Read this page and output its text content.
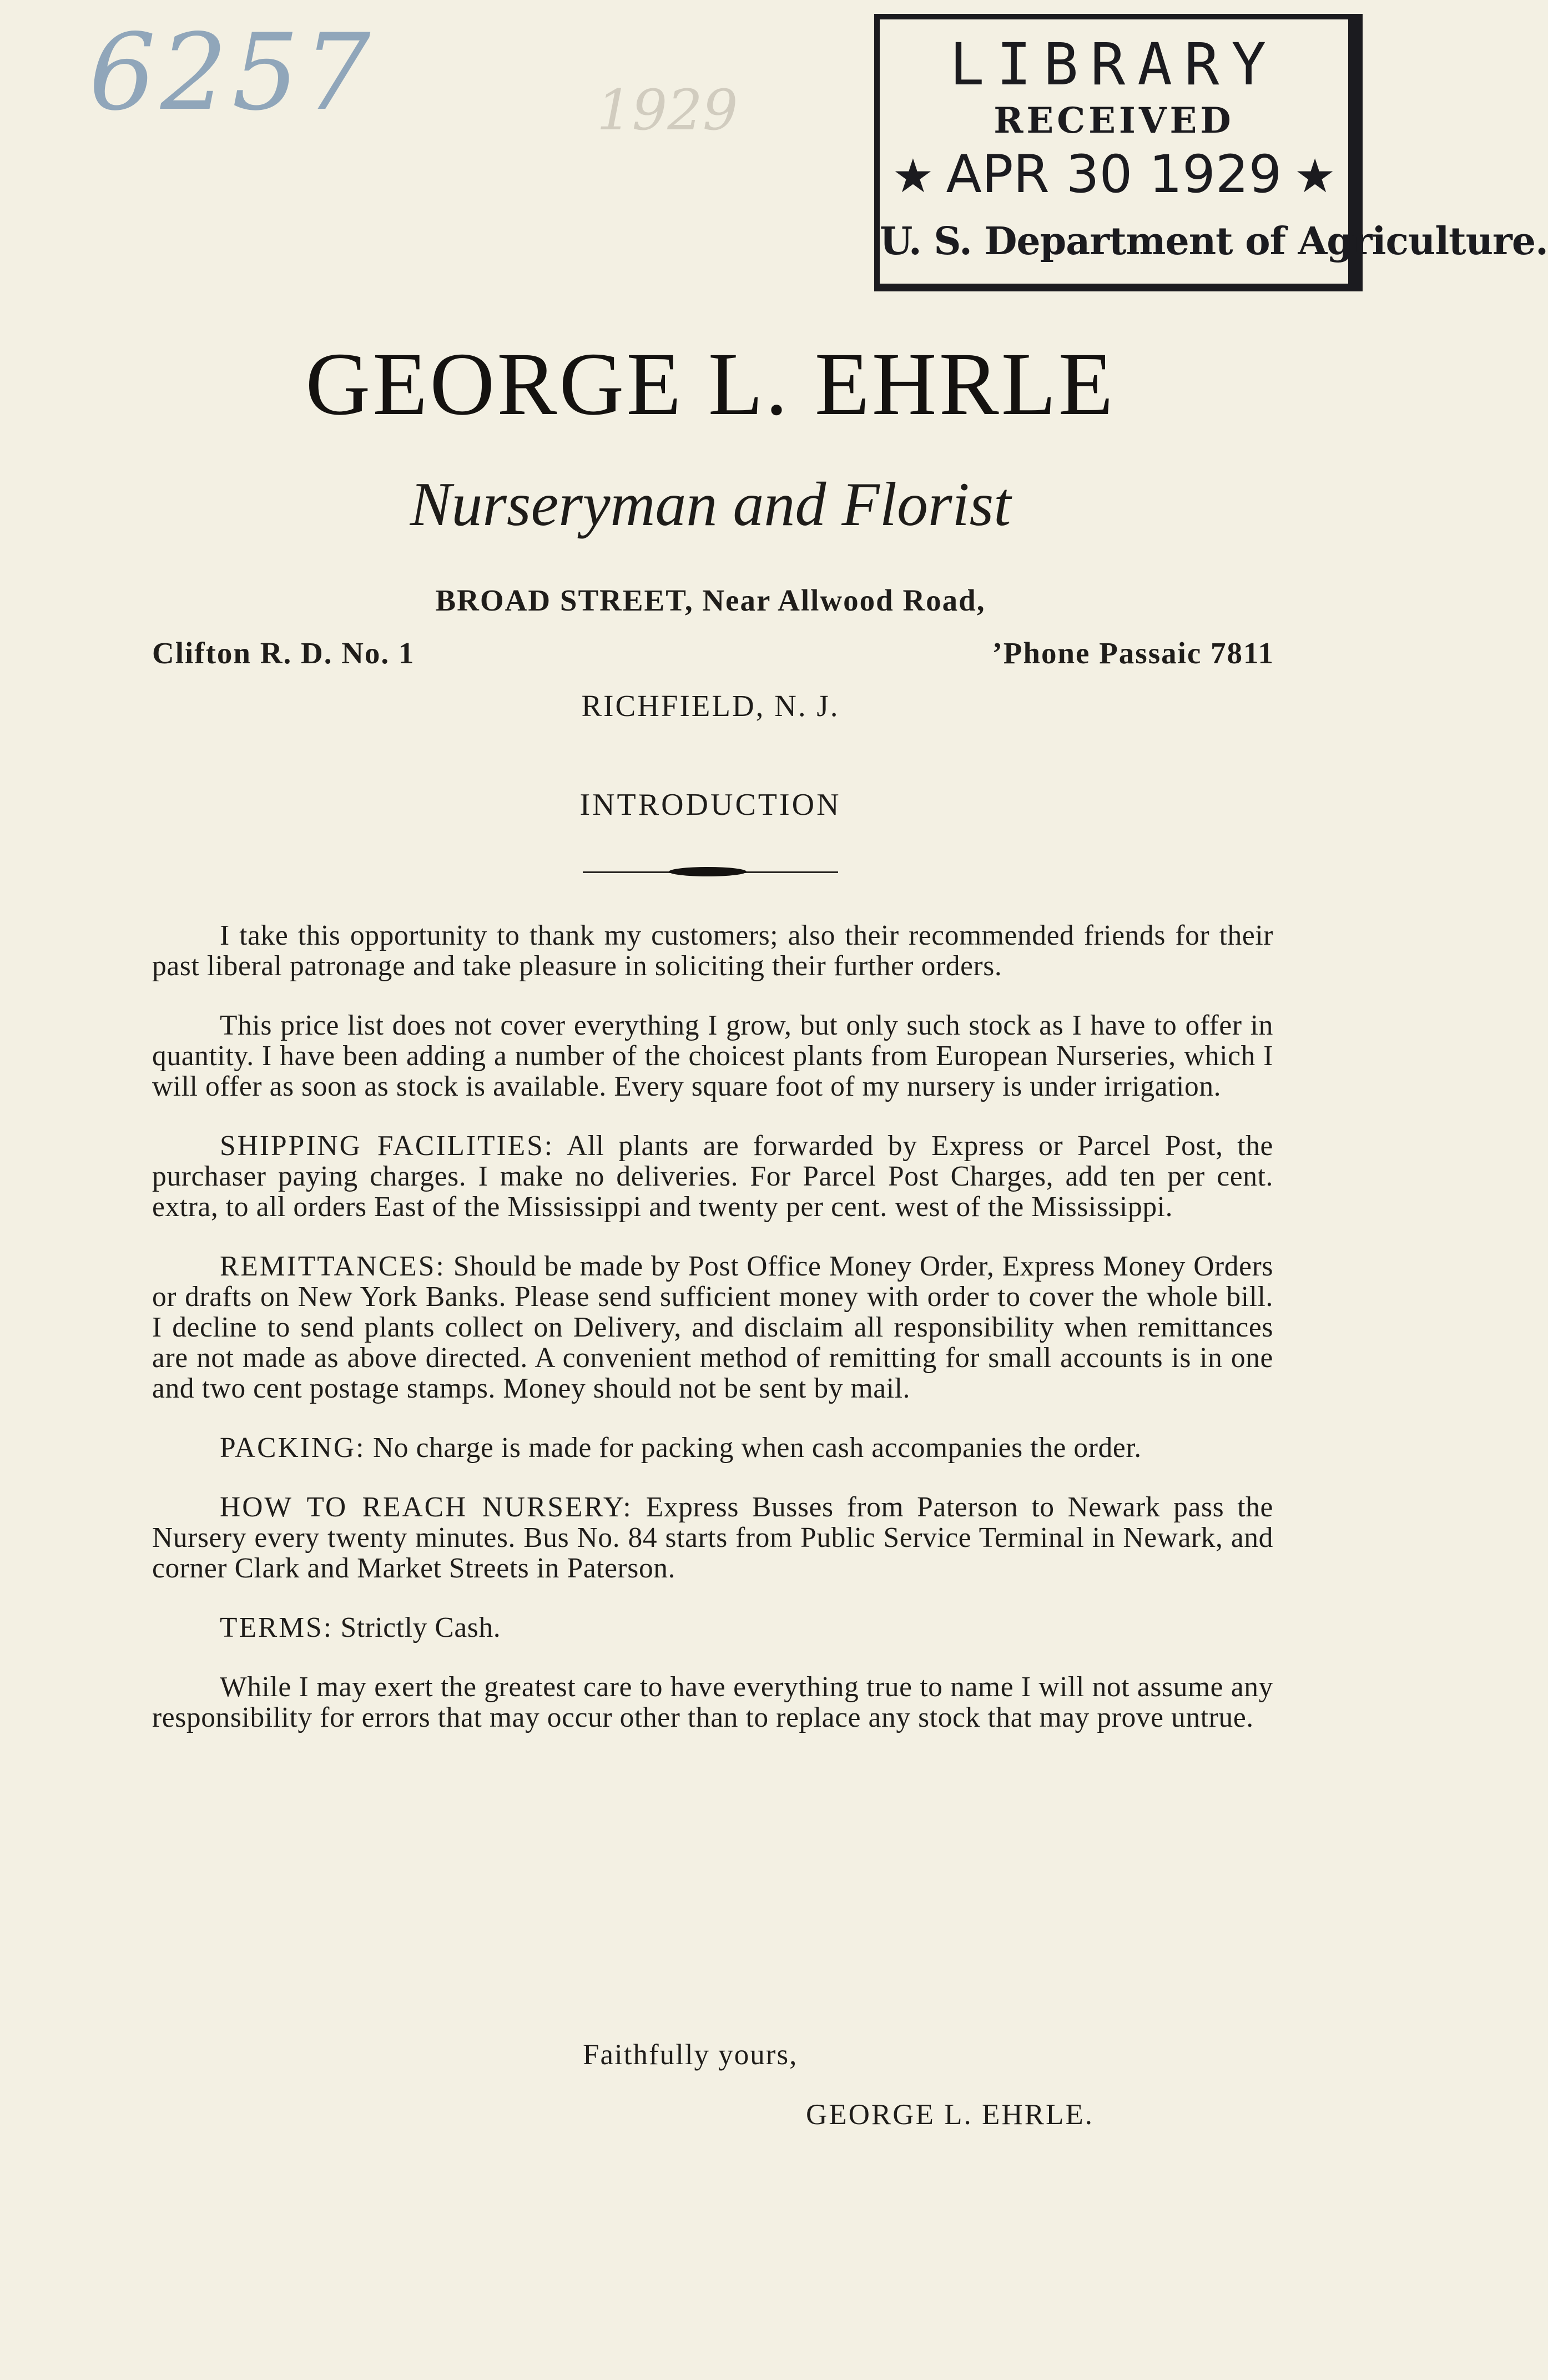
6257	1929
LIBRARY
RECEIVED
★ APR 30 1929 ★
U. S. Department of Agriculture.
GEORGE L. EHRLE
Nurseryman and Florist
BROAD STREET, Near Allwood Road,
Clifton R. D. No. 1	’Phone Passaic 7811
RICHFIELD, N. J.
INTRODUCTION

I take this opportunity to thank my customers; also their recommended friends for their past liberal patronage and take pleasure in soliciting their further orders.

This price list does not cover everything I grow, but only such stock as I have to offer in quantity. I have been adding a number of the choicest plants from European Nurseries, which I will offer as soon as stock is available. Every square foot of my nursery is under irrigation.

SHIPPING FACILITIES: All plants are forwarded by Express or Parcel Post, the purchaser paying charges. I make no deliveries. For Parcel Post Charges, add ten per cent. extra, to all orders East of the Mississippi and twenty per cent. west of the Mississippi.

REMITTANCES: Should be made by Post Office Money Order, Express Money Orders or drafts on New York Banks. Please send sufficient money with order to cover the whole bill. I decline to send plants collect on Delivery, and disclaim all responsibility when remittances are not made as above directed. A convenient method of remitting for small accounts is in one and two cent postage stamps. Money should not be sent by mail.

PACKING: No charge is made for packing when cash accompanies the order.

HOW TO REACH NURSERY: Express Busses from Paterson to Newark pass the Nursery every twenty minutes. Bus No. 84 starts from Public Service Terminal in Newark, and corner Clark and Market Streets in Paterson.

TERMS: Strictly Cash.

While I may exert the greatest care to have everything true to name I will not assume any responsibility for errors that may occur other than to replace any stock that may prove untrue.

Faithfully yours,
GEORGE L. EHRLE.
